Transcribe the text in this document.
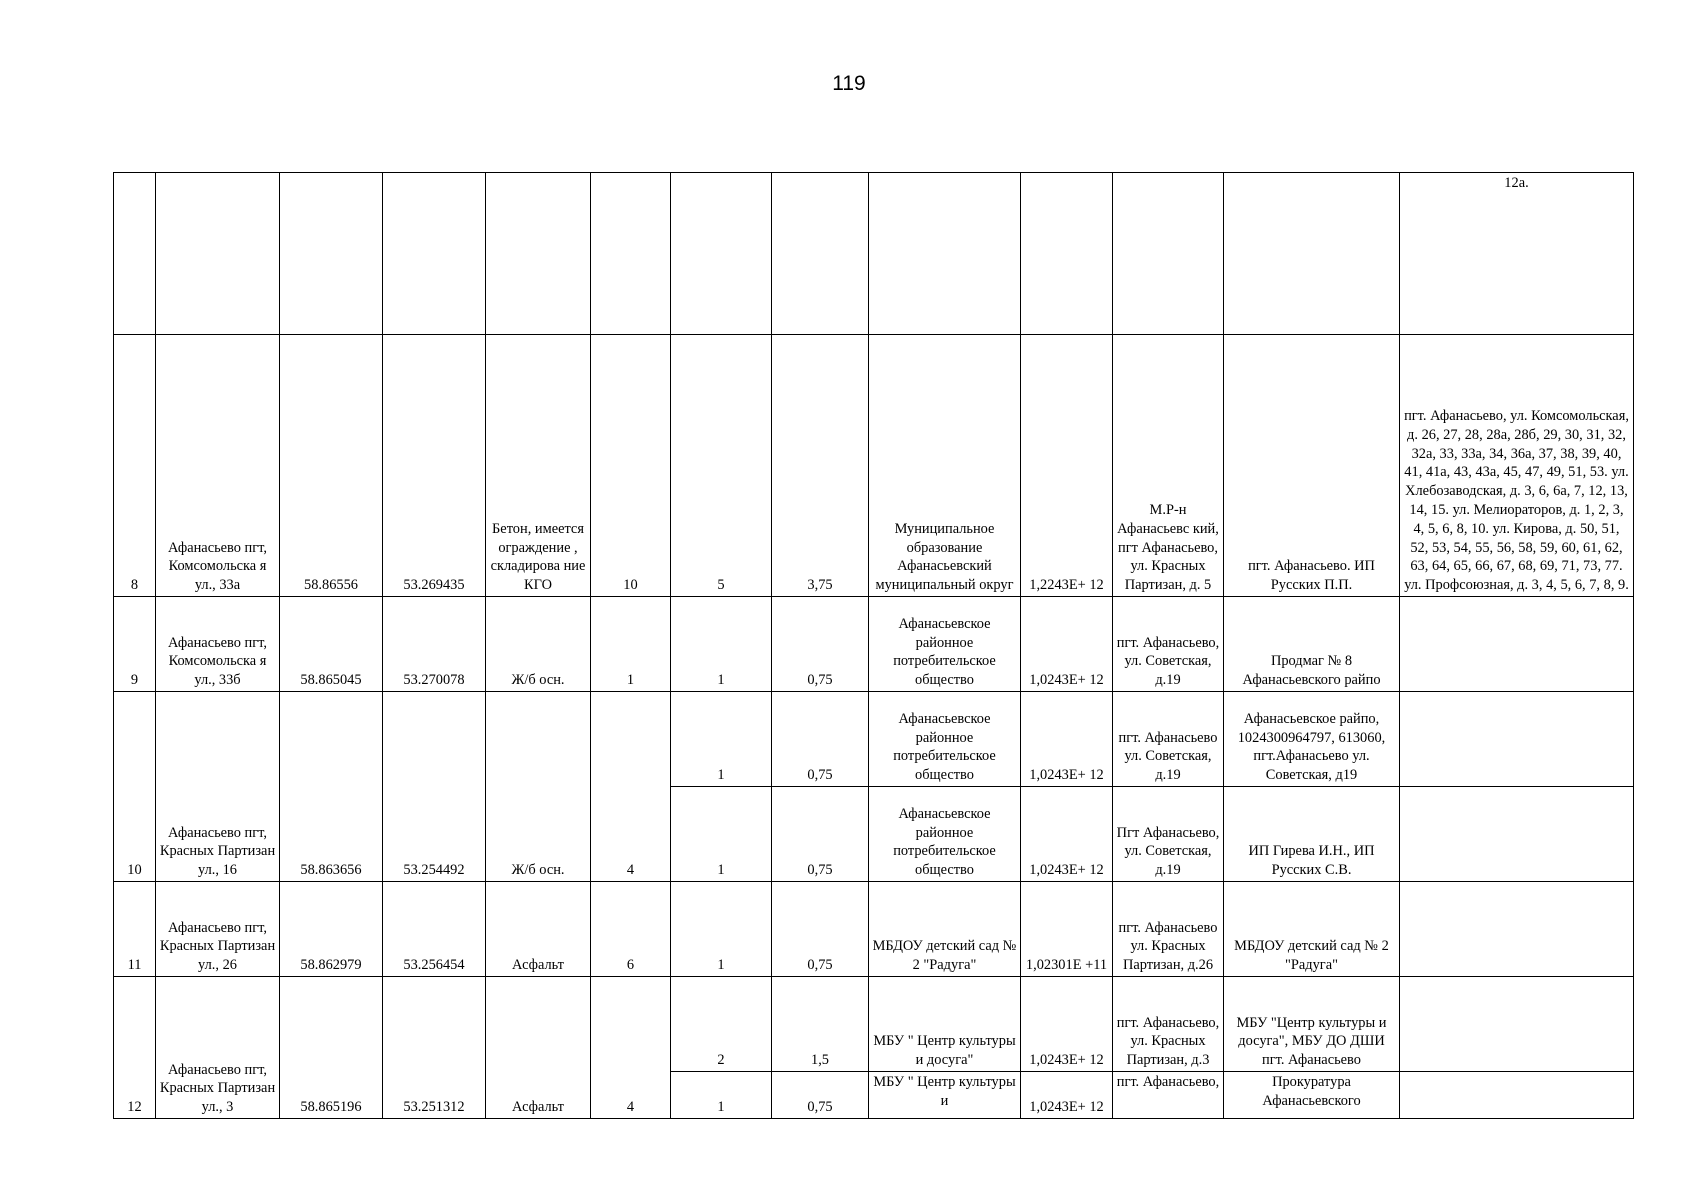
119
												12а.
8	Афанасьево пгт, Комсомольска я ул., 33а	58.86556	53.269435	Бетон, имеется ограждение , складирова ние КГО	10	5	3,75	Муниципальное образование Афанасьевский муниципальный округ	1,2243Е+ 12	М.Р-н Афанасьевс кий, пгт Афанасьево, ул. Красных Партизан, д. 5	пгт. Афанасьево. ИП Русских П.П.	пгт. Афанасьево, ул. Комсомольская, д. 26, 27, 28, 28а, 28б, 29, 30, 31, 32, 32а, 33, 33а, 34, 36а, 37, 38, 39, 40, 41, 41а, 43, 43а, 45, 47, 49, 51, 53. ул. Хлебозаводская, д. 3, 6, 6а, 7, 12, 13, 14, 15. ул. Мелиораторов, д. 1, 2, 3, 4, 5, 6, 8, 10. ул. Кирова, д. 50, 51, 52, 53, 54, 55, 56, 58, 59, 60, 61, 62, 63, 64, 65, 66, 67, 68, 69, 71, 73, 77. ул. Профсоюзная, д. 3, 4, 5, 6, 7, 8, 9.
9	Афанасьево пгт, Комсомольска я ул., 33б	58.865045	53.270078	Ж/б осн.	1	1	0,75	Афанасьевское районное потребительское общество	1,0243Е+ 12	пгт. Афанасьево, ул. Советская, д.19	Продмаг № 8 Афанасьевского райпо	
10	Афанасьево пгт, Красных Партизан ул., 16	58.863656	53.254492	Ж/б осн.	4	1	0,75	Афанасьевское районное потребительское общество	1,0243Е+ 12	пгт. Афанасьево ул. Советская, д.19	Афанасьевское райпо, 1024300964797, 613060, пгт.Афанасьево ул. Советская, д19	
						1	0,75	Афанасьевское районное потребительское общество	1,0243Е+ 12	Пгт Афанасьево, ул. Советская, д.19	ИП Гирева И.Н., ИП Русских С.В.	
11	Афанасьево пгт, Красных Партизан ул., 26	58.862979	53.256454	Асфальт	6	1	0,75	МБДОУ детский сад № 2 "Радуга"	1,02301Е +11	пгт. Афанасьево ул. Красных Партизан, д.26	МБДОУ детский сад № 2 "Радуга"	
12	Афанасьево пгт, Красных Партизан ул., 3	58.865196	53.251312	Асфальт	4	2	1,5	МБУ " Центр культуры и досуга"	1,0243Е+ 12	пгт. Афанасьево, ул. Красных Партизан, д.3	МБУ "Центр культуры и досуга", МБУ ДО ДШИ пгт. Афанасьево	
						1	0,75	МБУ " Центр культуры и	1,0243Е+ 12	пгт. Афанасьево,	Прокуратура Афанасьевского	
